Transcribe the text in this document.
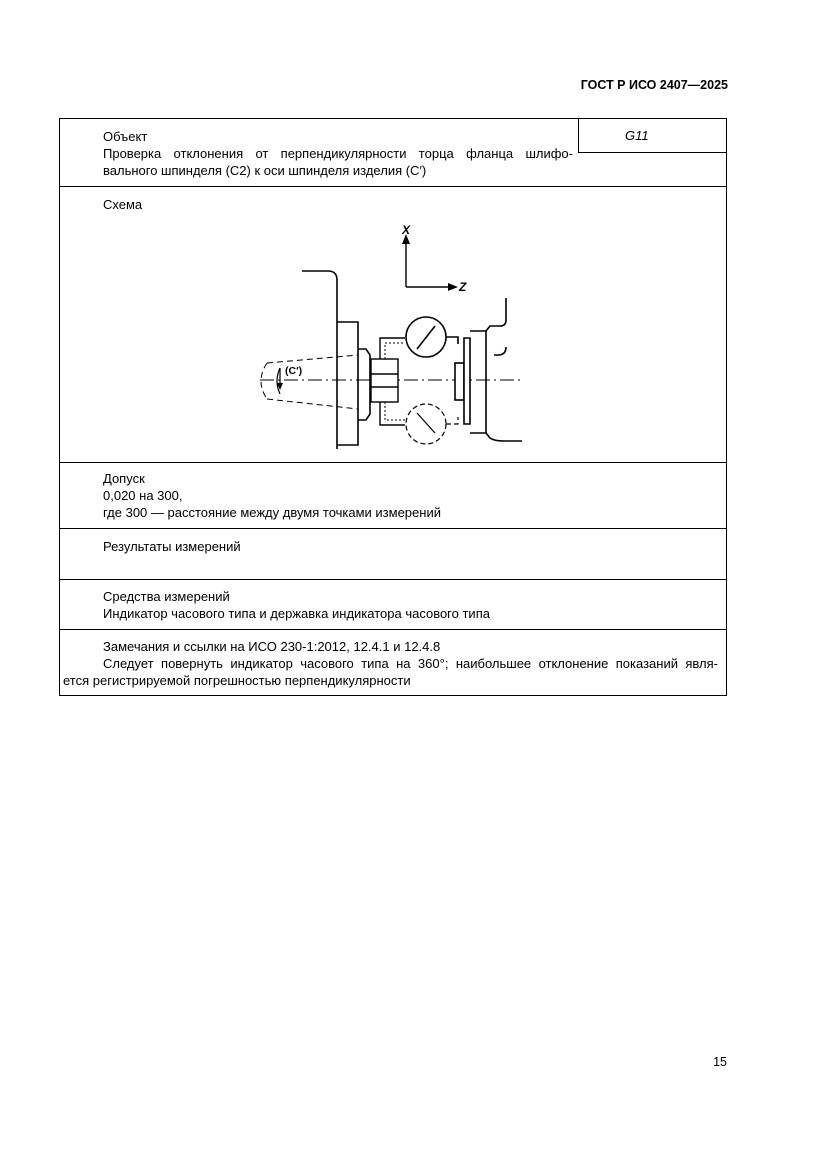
ГОСТ Р ИСО 2407—2025
Объект
Проверка отклонения от перпендикулярности торца фланца шлифо-
вального шпинделя (С2) к оси шпинделя изделия (С′)
G11
Схема
X
Z
(C′)
Допуск
0,020 на 300,
где 300 — расстояние между двумя точками измерений
Результаты измерений
Средства измерений
Индикатор часового типа и державка индикатора часового типа
Замечания и ссылки на ИСО 230-1:2012, 12.4.1 и 12.4.8
Следует повернуть индикатор часового типа на 360°; наибольшее отклонение показаний явля-
ется регистрируемой погрешностью перпендикулярности
15
